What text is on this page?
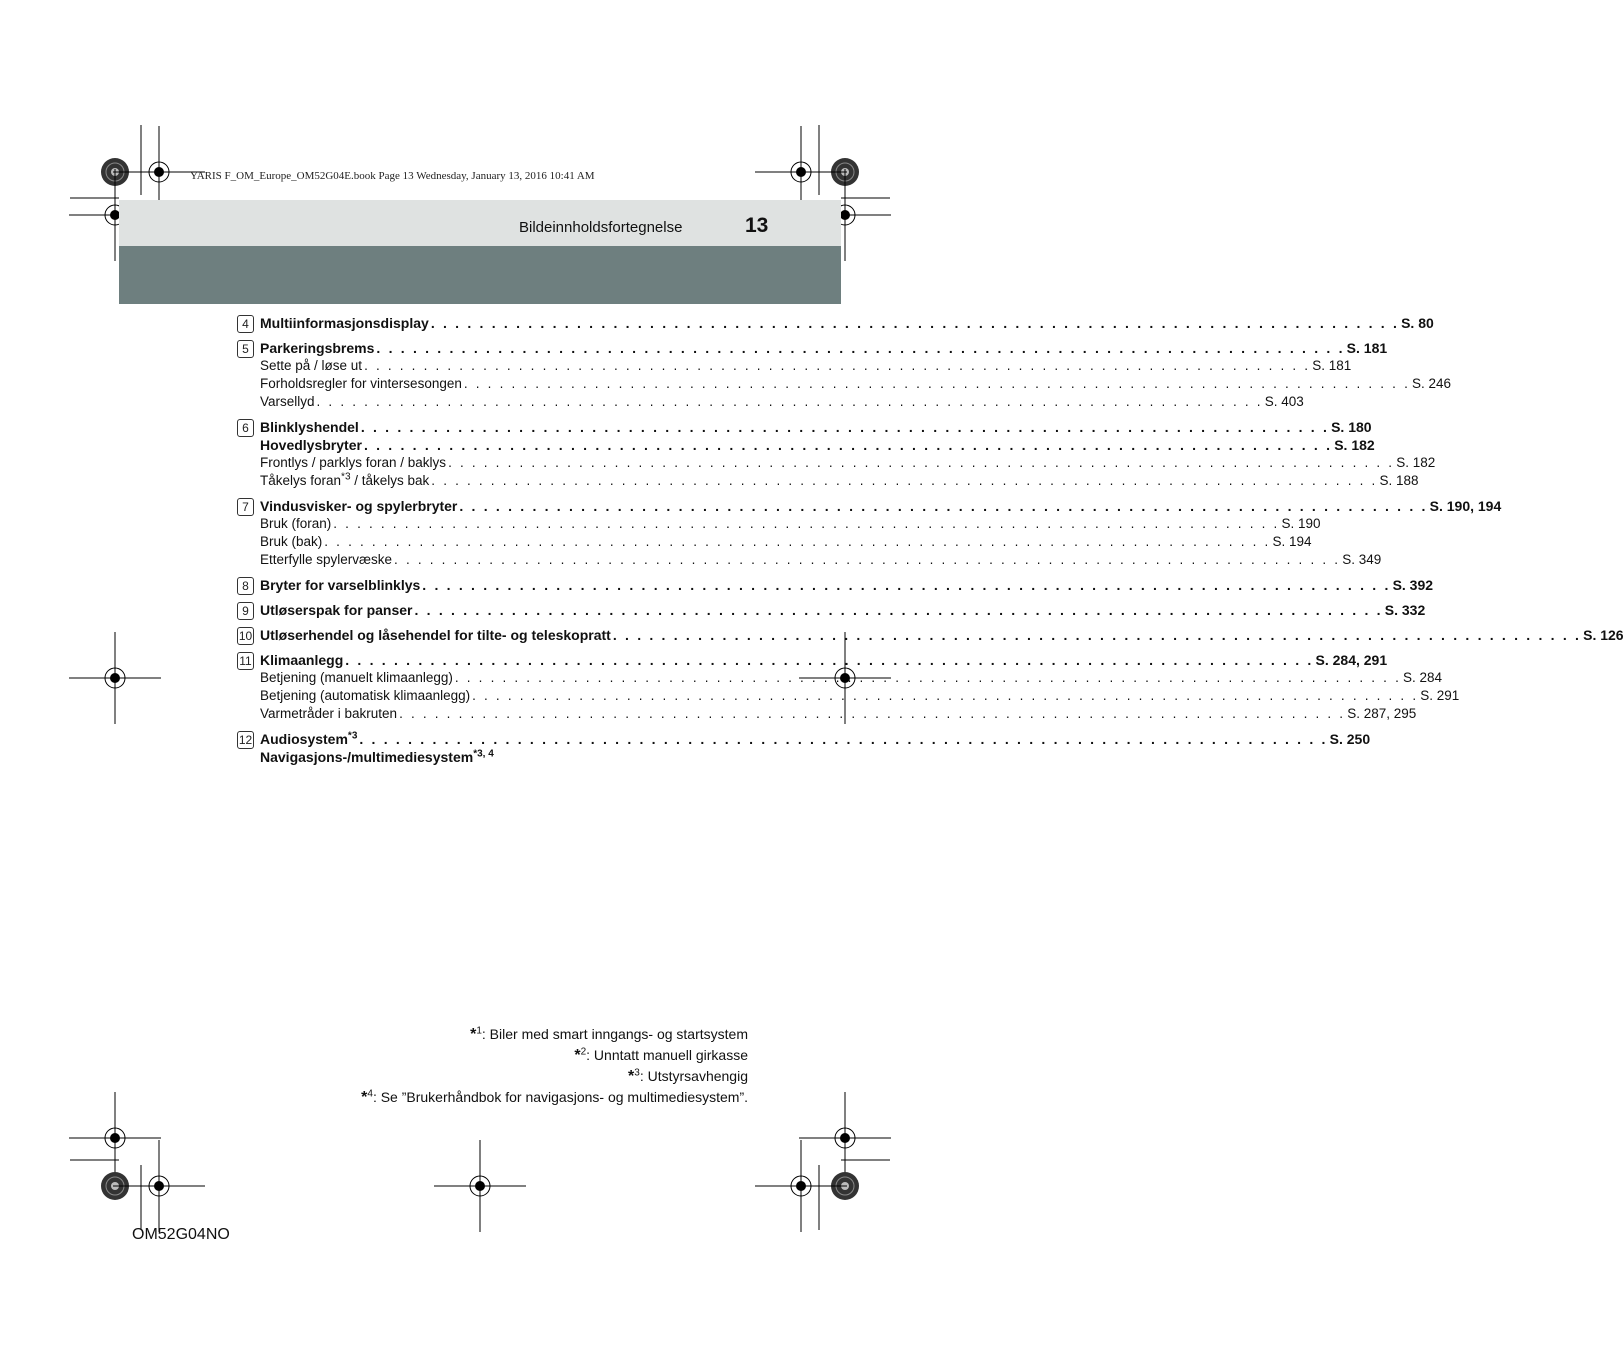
YARIS F_OM_Europe_OM52G04E.book Page 13 Wednesday, January 13, 2016 10:41 AM
Bildeinnholdsfortegnelse	13
4 Multiinformasjonsdisplay . . . . . . . . . . . . . . . . . . . . . . . . . . . . . . . . . . . . . . . . . . . . . . . . . . . . . . . . . . . . . . . . . . . . . . . . . . . . . . . . S. 80
5 Parkeringsbrems . . . . . . . . . . . . . . . . . . . . . . . . . . . . . . . . . . . . . . . . . . . . . . . . . . . . . . . . . . . . . . . . . . . . . . . . . . . . . . . . S. 181
Sette på / løse ut . . . . . . . . . . . . . . . . . . . . . . . . . . . . . . . . . . . . . . . . . . . . . . . . . . . . . . . . . . . . . . . . . . . . . . . . . . . . . . . . S. 181
Forholdsregler for vintersesongen . . . . . . . . . . . . . . . . . . . . . . . . . . . . . . . . . . . . . . . . . . . . . . . . . . . . . . . . . . . . . . . . . . . . . . . . . . . . . . . . S. 246
Varsellyd . . . . . . . . . . . . . . . . . . . . . . . . . . . . . . . . . . . . . . . . . . . . . . . . . . . . . . . . . . . . . . . . . . . . . . . . . . . . . . . . S. 403
6 Blinklyshendel . . . . . . . . . . . . . . . . . . . . . . . . . . . . . . . . . . . . . . . . . . . . . . . . . . . . . . . . . . . . . . . . . . . . . . . . . . . . . . . . S. 180
Hovedlysbryter . . . . . . . . . . . . . . . . . . . . . . . . . . . . . . . . . . . . . . . . . . . . . . . . . . . . . . . . . . . . . . . . . . . . . . . . . . . . . . . . S. 182
Frontlys / parklys foran / baklys . . . . . . . . . . . . . . . . . . . . . . . . . . . . . . . . . . . . . . . . . . . . . . . . . . . . . . . . . . . . . . . . . . . . . . . . . . . . . . . . S. 182
Tåkelys foran$^{*3}$ / tåkelys bak . . . . . . . . . . . . . . . . . . . . . . . . . . . . . . . . . . . . . . . . . . . . . . . . . . . . . . . . . . . . . . . . . . . . . . . . . . . . . . . . S. 188
7 Vindusvisker- og spylerbryter . . . . . . . . . . . . . . . . . . . . . . . . . . . . . . . . . . . . . . . . . . . . . . . . . . . . . . . . . . . . . . . . . . . . . . . . . . . . . . . . S. 190, 194
Bruk (foran) . . . . . . . . . . . . . . . . . . . . . . . . . . . . . . . . . . . . . . . . . . . . . . . . . . . . . . . . . . . . . . . . . . . . . . . . . . . . . . . . S. 190
Bruk (bak) . . . . . . . . . . . . . . . . . . . . . . . . . . . . . . . . . . . . . . . . . . . . . . . . . . . . . . . . . . . . . . . . . . . . . . . . . . . . . . . . S. 194
Etterfylle spylervæske . . . . . . . . . . . . . . . . . . . . . . . . . . . . . . . . . . . . . . . . . . . . . . . . . . . . . . . . . . . . . . . . . . . . . . . . . . . . . . . . S. 349
8 Bryter for varselblinklys . . . . . . . . . . . . . . . . . . . . . . . . . . . . . . . . . . . . . . . . . . . . . . . . . . . . . . . . . . . . . . . . . . . . . . . . . . . . . . . . S. 392
9 Utløserspak for panser . . . . . . . . . . . . . . . . . . . . . . . . . . . . . . . . . . . . . . . . . . . . . . . . . . . . . . . . . . . . . . . . . . . . . . . . . . . . . . . . S. 332
10 Utløserhendel og låsehendel for tilte- og teleskopratt . . . . . . . . . . . . . . . . . . . . . . . . . . . . . . . . . . . . . . . . . . . . . . . . . . . . . . . . . . . . . . . . . . . . . . . . . . . . . . . . S. 126
11 Klimaanlegg . . . . . . . . . . . . . . . . . . . . . . . . . . . . . . . . . . . . . . . . . . . . . . . . . . . . . . . . . . . . . . . . . . . . . . . . . . . . . . . . S. 284, 291
Betjening (manuelt klimaanlegg) . . . . . . . . . . . . . . . . . . . . . . . . . . . . . . . . . . . . . . . . . . . . . . . . . . . . . . . . . . . . . . . . . . . . . . . . . . . . . . . . S. 284
Betjening (automatisk klimaanlegg) . . . . . . . . . . . . . . . . . . . . . . . . . . . . . . . . . . . . . . . . . . . . . . . . . . . . . . . . . . . . . . . . . . . . . . . . . . . . . . . . S. 291
Varmetråder i bakruten . . . . . . . . . . . . . . . . . . . . . . . . . . . . . . . . . . . . . . . . . . . . . . . . . . . . . . . . . . . . . . . . . . . . . . . . . . . . . . . . S. 287, 295
12 Audiosystem$^{*3}$ . . . . . . . . . . . . . . . . . . . . . . . . . . . . . . . . . . . . . . . . . . . . . . . . . . . . . . . . . . . . . . . . . . . . . . . . . . . . . . . . S. 250
Navigasjons-/multimediesystem$^{*3, 4}$
*$^1$: Biler med smart inngangs- og startsystem
*$^2$: Unntatt manuell girkasse
*$^3$: Utstyrsavhengig
*$^4$: Se ”Brukerhåndbok for navigasjons- og multimediesystem”.
OM52G04NO
